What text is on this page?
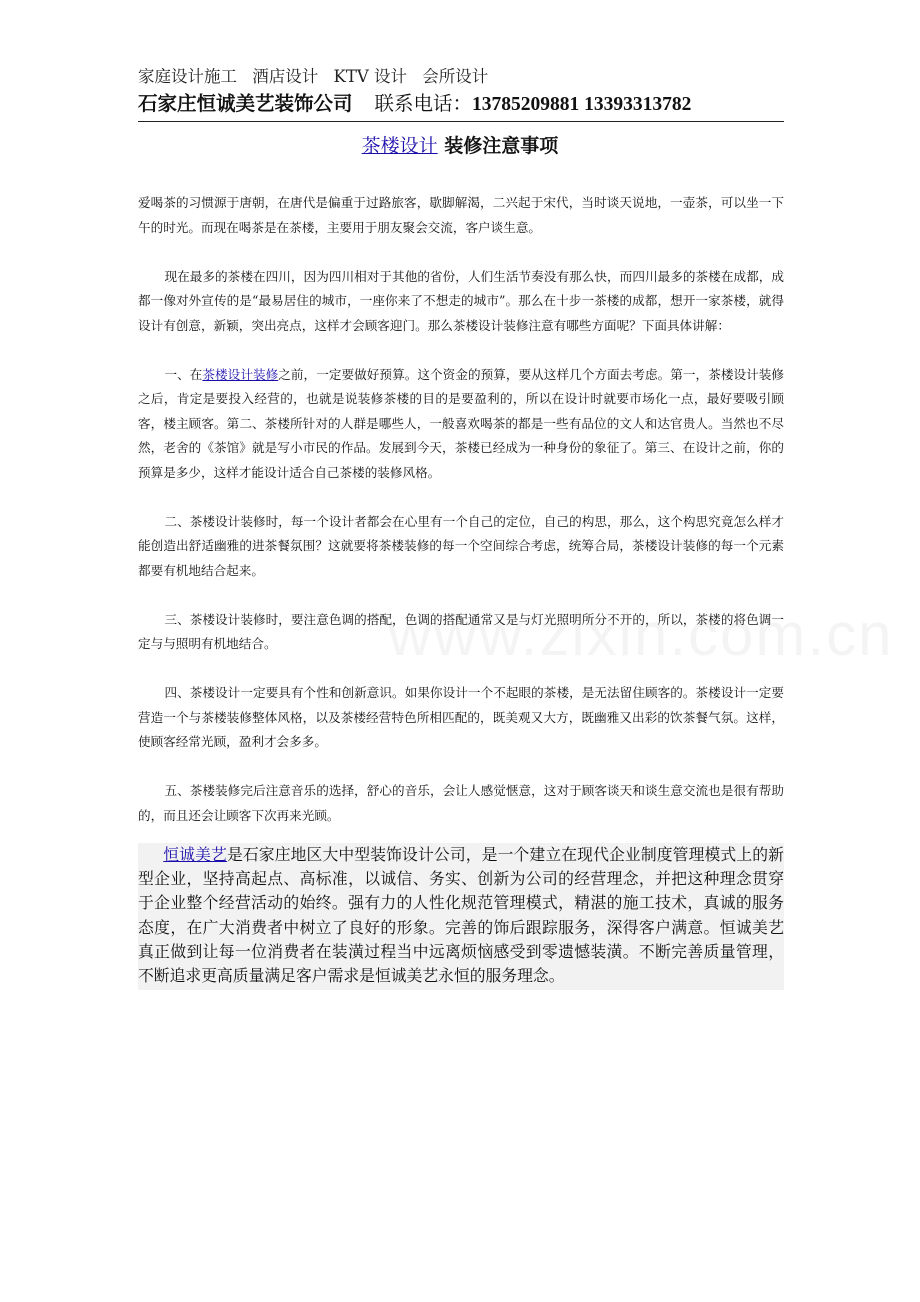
家庭设计施工 酒店设计 KTV 设计 会所设计
石家庄恒诚美艺装饰公司 联系电话：13785209881 13393313782
茶楼设计 装修注意事项

爱喝茶的习惯源于唐朝，在唐代是偏重于过路旅客，歇脚解渴，二兴起于宋代，当时谈天说地，一壶茶，可以坐一下午的时光。而现在喝茶是在茶楼，主要用于朋友聚会交流，客户谈生意。

现在最多的茶楼在四川，因为四川相对于其他的省份，人们生活节奏没有那么快，而四川最多的茶楼在成都，成都一像对外宣传的是“最易居住的城市，一座你来了不想走的城市”。那么在十步一茶楼的成都，想开一家茶楼，就得设计有创意，新颖，突出亮点，这样才会顾客迎门。那么茶楼设计装修注意有哪些方面呢？下面具体讲解：

一、在茶楼设计装修之前，一定要做好预算。这个资金的预算，要从这样几个方面去考虑。第一，茶楼设计装修之后，肯定是要投入经营的，也就是说装修茶楼的目的是要盈利的，所以在设计时就要市场化一点，最好要吸引顾客，楼主顾客。第二、茶楼所针对的人群是哪些人，一般喜欢喝茶的都是一些有品位的文人和达官贵人。当然也不尽然，老舍的《茶馆》就是写小市民的作品。发展到今天，茶楼已经成为一种身份的象征了。第三、在设计之前，你的预算是多少，这样才能设计适合自己茶楼的装修风格。

二、茶楼设计装修时，每一个设计者都会在心里有一个自己的定位，自己的构思，那么，这个构思究竟怎么样才能创造出舒适幽雅的进茶餐氛围？这就要将茶楼装修的每一个空间综合考虑，统筹合局，茶楼设计装修的每一个元素都要有机地结合起来。

三、茶楼设计装修时，要注意色调的搭配，色调的搭配通常又是与灯光照明所分不开的，所以，茶楼的将色调一定与与照明有机地结合。

四、茶楼设计一定要具有个性和创新意识。如果你设计一个不起眼的茶楼，是无法留住顾客的。茶楼设计一定要营造一个与茶楼装修整体风格，以及茶楼经营特色所相匹配的，既美观又大方，既幽雅又出彩的饮茶餐气氛。这样，使顾客经常光顾，盈利才会多多。

五、茶楼装修完后注意音乐的选择，舒心的音乐，会让人感觉惬意，这对于顾客谈天和谈生意交流也是很有帮助的，而且还会让顾客下次再来光顾。

恒诚美艺是石家庄地区大中型装饰设计公司，是一个建立在现代企业制度管理模式上的新型企业，坚持高起点、高标准，以诚信、务实、创新为公司的经营理念，并把这种理念贯穿于企业整个经营活动的始终。强有力的人性化规范管理模式，精湛的施工技术，真诚的服务态度，在广大消费者中树立了良好的形象。完善的饰后跟踪服务，深得客户满意。恒诚美艺真正做到让每一位消费者在装潢过程当中远离烦恼感受到零遗憾装潢。不断完善质量管理，不断追求更高质量满足客户需求是恒诚美艺永恒的服务理念。
